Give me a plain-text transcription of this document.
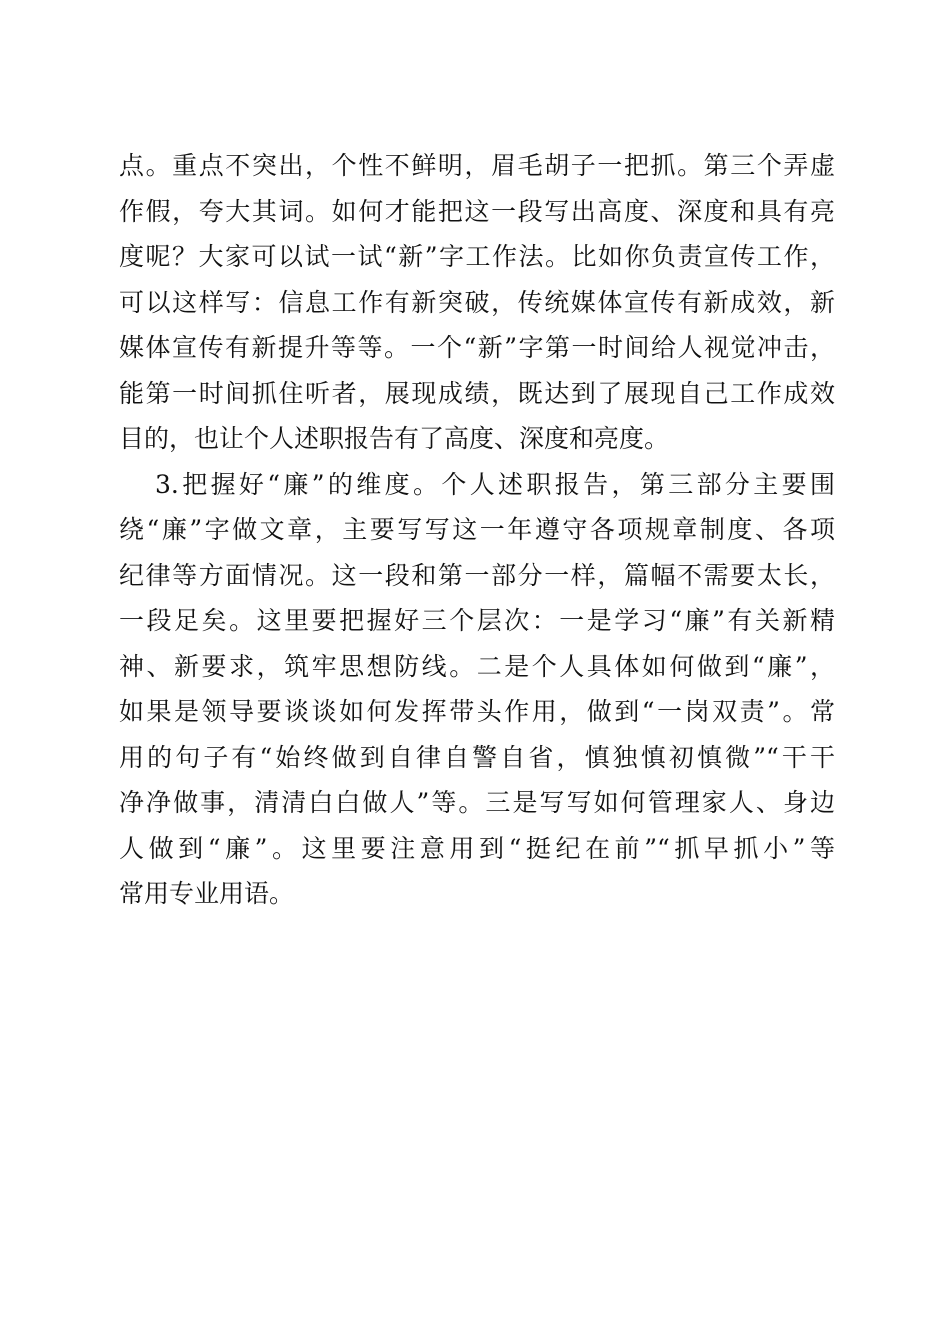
点。重点不突出，个性不鲜明，眉毛胡子一把抓。第三个弄虚
作假，夸大其词。如何才能把这一段写出高度、深度和具有亮
度呢？大家可以试一试“新”字工作法。比如你负责宣传工作，
可以这样写：信息工作有新突破，传统媒体宣传有新成效，新
媒体宣传有新提升等等。一个“新”字第一时间给人视觉冲击，
能第一时间抓住听者，展现成绩，既达到了展现自己工作成效
目的，也让个人述职报告有了高度、深度和亮度。
3.把握好“廉”的维度。个人述职报告，第三部分主要围
绕“廉”字做文章，主要写写这一年遵守各项规章制度、各项
纪律等方面情况。这一段和第一部分一样，篇幅不需要太长，
一段足矣。这里要把握好三个层次：一是学习“廉”有关新精
神、新要求，筑牢思想防线。二是个人具体如何做到“廉”，
如果是领导要谈谈如何发挥带头作用，做到“一岗双责”。常
用的句子有“始终做到自律自警自省，慎独慎初慎微”“干干
净净做事，清清白白做人”等。三是写写如何管理家人、身边
人做到“廉”。这里要注意用到“挺纪在前”“抓早抓小”等
常用专业用语。
